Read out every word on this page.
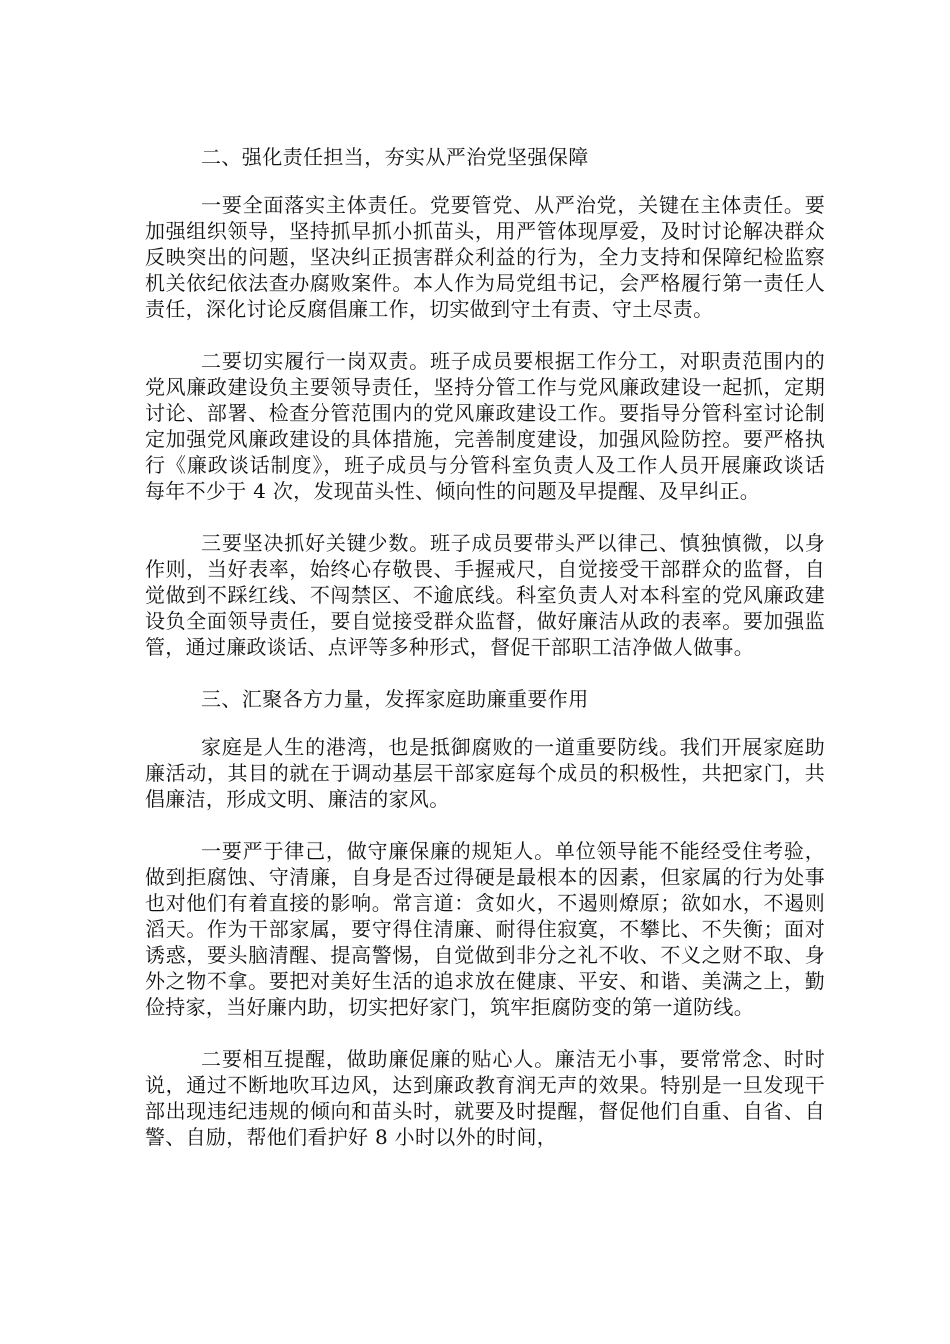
二、强化责任担当，夯实从严治党坚强保障

一要全面落实主体责任。党要管党、从严治党，关键在主体责任。要加强组织领导，坚持抓早抓小抓苗头，用严管体现厚爱，及时讨论解决群众反映突出的问题，坚决纠正损害群众利益的行为，全力支持和保障纪检监察机关依纪依法查办腐败案件。本人作为局党组书记，会严格履行第一责任人责任，深化讨论反腐倡廉工作，切实做到守土有责、守土尽责。

二要切实履行一岗双责。班子成员要根据工作分工，对职责范围内的党风廉政建设负主要领导责任，坚持分管工作与党风廉政建设一起抓，定期讨论、部署、检查分管范围内的党风廉政建设工作。要指导分管科室讨论制定加强党风廉政建设的具体措施，完善制度建设，加强风险防控。要严格执行《廉政谈话制度》，班子成员与分管科室负责人及工作人员开展廉政谈话每年不少于 4 次，发现苗头性、倾向性的问题及早提醒、及早纠正。

三要坚决抓好关键少数。班子成员要带头严以律己、慎独慎微，以身作则，当好表率，始终心存敬畏、手握戒尺，自觉接受干部群众的监督，自觉做到不踩红线、不闯禁区、不逾底线。科室负责人对本科室的党风廉政建设负全面领导责任，要自觉接受群众监督，做好廉洁从政的表率。要加强监管，通过廉政谈话、点评等多种形式，督促干部职工洁净做人做事。

三、汇聚各方力量，发挥家庭助廉重要作用

家庭是人生的港湾，也是抵御腐败的一道重要防线。我们开展家庭助廉活动，其目的就在于调动基层干部家庭每个成员的积极性，共把家门，共倡廉洁，形成文明、廉洁的家风。

一要严于律己，做守廉保廉的规矩人。单位领导能不能经受住考验，做到拒腐蚀、守清廉，自身是否过得硬是最根本的因素，但家属的行为处事也对他们有着直接的影响。常言道：贪如火，不遏则燎原；欲如水，不遏则滔天。作为干部家属，要守得住清廉、耐得住寂寞，不攀比、不失衡；面对诱惑，要头脑清醒、提高警惕，自觉做到非分之礼不收、不义之财不取、身外之物不拿。要把对美好生活的追求放在健康、平安、和谐、美满之上，勤俭持家，当好廉内助，切实把好家门，筑牢拒腐防变的第一道防线。

二要相互提醒，做助廉促廉的贴心人。廉洁无小事，要常常念、时时说，通过不断地吹耳边风，达到廉政教育润无声的效果。特别是一旦发现干部出现违纪违规的倾向和苗头时，就要及时提醒，督促他们自重、自省、自警、自励，帮他们看护好 8 小时以外的时间，
